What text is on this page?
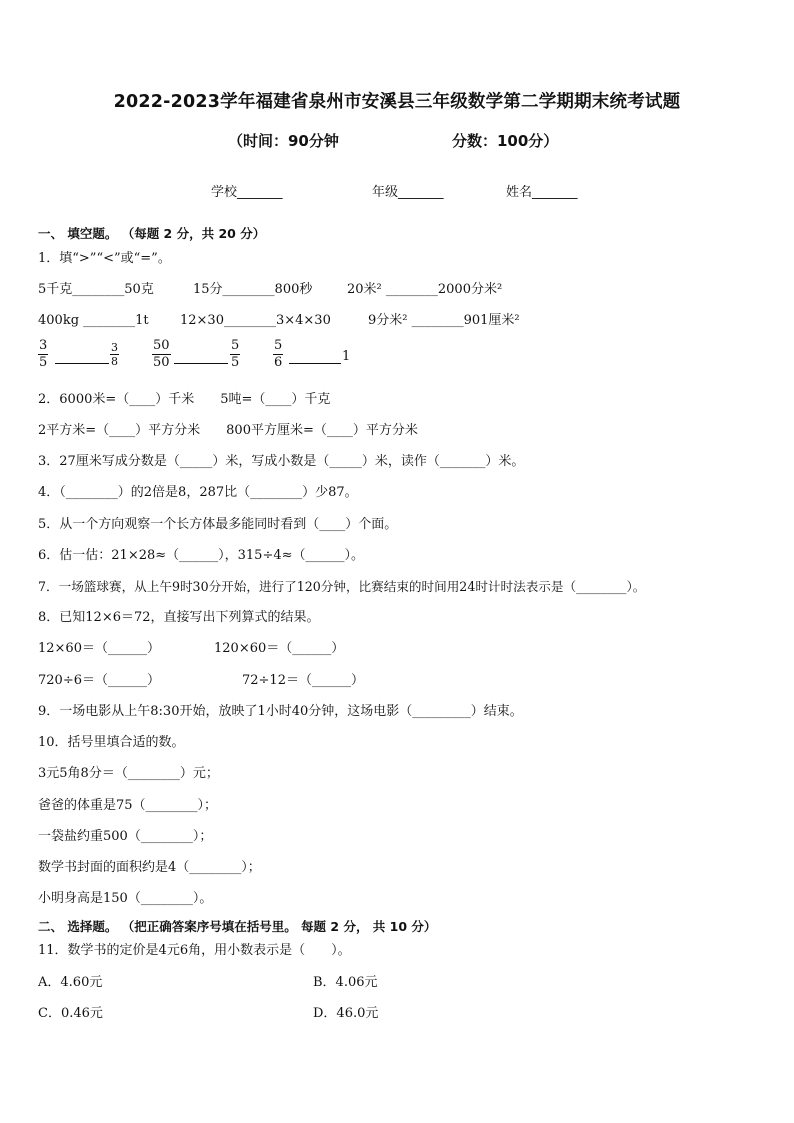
2022-2023学年福建省泉州市安溪县三年级数学第二学期期末统考试题
（时间：90分钟	分数：100分）
学校_______	年级_______	姓名_______
一、 填空题。 （每题 2 分，共 20 分）
1．填“>”“<”或“=”。
5千克________50克	15分________800秒	20米² ________2000分米²
400kg ________1t 12×30________3×4×30	9分米² ________901厘米²
$\frac{3}{5}$	$\frac{3}{8}$	$\frac{50}{50}$	$\frac{5}{5}$	$\frac{5}{6}$	1
2．6000米=（____）千米　　5吨=（____）千克
2平方米=（____）平方分米　　800平方厘米=（____）平方分米
3．27厘米写成分数是（_____）米，写成小数是（_____）米，读作（_______）米。
4．（________）的2倍是8，287比（________）少87。
5．从一个方向观察一个长方体最多能同时看到（____）个面。
6．估一估：21×28≈（______），315÷4≈（______）。
7．一场篮球赛，从上午9时30分开始，进行了120分钟，比赛结束的时间用24时计时法表示是（________）。
8．已知12×6＝72，直接写出下列算式的结果。
12×60＝（______）	120×60＝（______）
720÷6＝（______）	72÷12＝（______）
9．一场电影从上午8:30开始，放映了1小时40分钟，这场电影（_________）结束。
10．括号里填合适的数。
3元5角8分＝（________）元；
爸爸的体重是75（________）；
一袋盐约重500（________）；
数学书封面的面积约是4（________）；
小明身高是150（________）。
二、 选择题。 （把正确答案序号填在括号里。 每题 2 分， 共 10 分）
11．数学书的定价是4元6角，用小数表示是（　　）。
A．4.60元	B．4.06元
C．0.46元	D．46.0元
